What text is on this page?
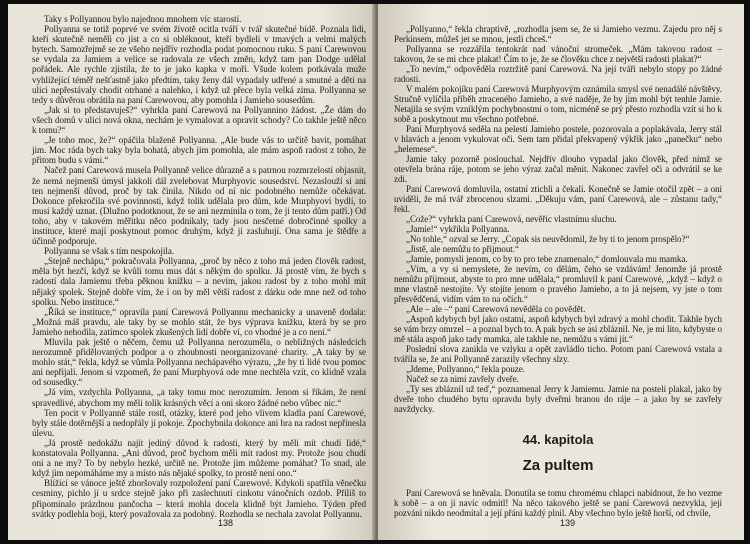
Taky s Pollyannou bylo najednou mnohem víc starostí.

Pollyanna se totiž poprvé ve svém životě ocitla tváří v tvář skutečné bídě. Poznala lidi, kteří skutečně neměli co jíst a co si obléknout, kteří bydleli v tmavých a velmi malých bytech. Samozřejmě se ze všeho nejdřív rozhodla podat pomocnou ruku. S paní Carewovou se vydala za Jamiem a velice se radovala ze všech změn, když tam pan Dodge udělal pořádek. Ale rychle zjistila, že to je jako kapka v moři. Všude kolem potkávala muže vyhlížející téměř nešťastně jako předtím, taky ženy dál vypadaly udřené a smutné a děti na ulici nepřestávaly chodit otrhané a nalehko, i když už přece byla velká zima. Pollyanna se tedy s důvěrou obrátila na paní Carewovou, aby pomohla i Jamieho sousedům.

„Jak si to představuješ?“ vyhrkla paní Carewová na Pollyannino žádost. „Že dám do všech domů v ulici nová okna, nechám je vymalovat a opravit schody? Co takhle ještě něco k tomu?“

„Je toho moc, že?“ opáčila blaženě Pollyanna. „Ale bude vás to určitě bavit, pomáhat jim. Moc ráda bych taky byla bohatá, abych jim pomohla, ale mám aspoň radost z toho, že přitom budu s vámi.“

Načež paní Carewová musela Pollyanně velice důrazně a s patrnou rozmrzelostí objasnit, že nemá nejmenší úmysl jakkoli dál zvelebovat Murphyovic sousedství. Nezaslouží si ani ten nejmenší důvod, proč by tak činila. Nikdo od ní nic podobného nemůže očekávat. Dokonce překročila své povinnosti, když tolik udělala pro dům, kde Murphyovi bydlí, to musí každý uznat. (Dlužno podotknout, že se ani nezmínila o tom, že ji tento dům patří.) Od toho, aby v takovém měřítku něco podnikaly, tady jsou nesčetné dobročinné spolky a instituce, které mají poskytnout pomoc druhým, když ji zasluhují. Ona sama je štědře a účinně podporuje.

Pollyanna se však s tím nespokojila.

„Stejně nechápu,“ pokračovala Pollyanna, „proč by něco z toho má jeden člověk radost, měla být hezčí, když se kvůli tomu mus dát s někým do spolku. Já prostě vím, že bych s radostí dala Jamiemu třeba pěknou knížku – a nevím, jakou radost by z toho mohl mít nějaký spolek. Stejně dobře vím, že i on by měl větší radost z dárku ode mne než od toho spolku. Nebo instituce.“

„Říká se instituce,“ opravila paní Carewová Pollyannu mechanicky a unaveně dodala: „Možná máš pravdu, ale taky by se mohlo stát, že bys výprava knížku, která by se pro Jamieho nehodila, zatímco spolek zkušených lidí dobře ví, co vhodné je a co není.“

Mluvila pak ještě o něčem, čemu už Pollyanna nerozuměla, o nebližných následcích nerozumně přidělovaných podpor a o zhoubnosti neorganizované charity. „A taky by se mohlo stát,“ řekla, když se vůmla Pollyanna nechápavého výrazu, „že by ti lidé tvou pomoc ani nepřijali. Jenom si vzpomeň, že paní Murphyová ode mne nechtěla vzít, co klidně vzala od sousedky.“

„Já vím, vzdychla Pollyanna, „a taky tomu moc nerozumím. Jenom si říkám, že není spravedlivé, abychom my měli tolik krásných věcí a oni skoro žádné nebo vůbec nic.“

Ten pocit v Pollyanně stále rostl, otázky, které pod jeho vlivem kladla paní Carewové, byly stále dotěrnější a nedopřály jí pokoje. Zpochybnila dokonce ani hra na radost nepřinesla úlevu.

„Já prostě nedokážu najít jediný důvod k radosti, který by měli mít chudí lidé,“ konstatovala Pollyanna. „Ani důvod, proč bychom měli mít radost my. Protože jsou chudí oni a ne my? To by nebylo hezké, určitě ne. Protože jim můžeme pomáhat? To snad, ale když jim nepomáháme my a místo nás nějaké spolky, to prostě není ono.“

Blížící se vánoce ještě zhoršovaly rozpoložení paní Carewové. Kdykoli spatřila věnečku cesminy, pichlo jí u srdce stejně jako při zaslechnutí cinkotu vánočních ozdob. Příliš to připomínalo prázdnou pančocha – která mohla docela klidně být Jamieho. Týden před svátky podlehla boji, který považovala za podobný. Rozhodla se nechala zavolat Pollyannu.

138

„Pollyanno,“ řekla chraptivě, „rozhodla jsem se, že si Jamieho vezmu. Zajedu pro něj s Perkinsem, můžeš jet se mnou, jestli chceš.“

Pollyanna se rozzářila tentokrát nad vánoční stromeček. „Mám takovou radost – takovou, že se mi chce plakat! Čím to je, že se člověku chce z největší radosti plakat?“

„To nevím,“ odpověděla roztržitě paní Carewová. Na její tváři nebylo stopy po žádné radosti.

V malém pokojíku paní Carewová Murphyovým oznámila smysl své nenadálé návštěvy. Stručně vylíčila příběh ztraceného Jamieho, a své naděje, že by jim mohl být tenhle Jamie. Netajila se svým vzniklým pochybnostmi o tom, nicméně se prý přesto rozhodla vzít si ho k sobě a poskytnout mu všechno potřebné.

Paní Murphyová seděla na pelesti Jamieho postele, pozorovala a poplakávala, Jerry stál v hlavách a jenom vykulovat oči. Sem tam přidal překvapený výkřik jako „panečku“ nebo „helemese“.

Jamie taky pozorně poslouchal. Nejdřív dlouho vypadal jako člověk, před nímž se otevřela brána ráje, potom se jeho výraz začal měnit. Nakonec zavřel oči a odvrátil se ke zdi.

Paní Carewová domluvila, ostatní ztichli a čekali. Konečně se Jamie otočil zpět – a oni uviděli, že má tvář zbrocenou slzami. „Děkuju vám, paní Carewová, ale – zůstanu tady,“ řekl.

„Cože?“ vyhrkla paní Carewová, nevěříc vlastnímu sluchu.

„Jamie!“ vykřikla Pollyanna.

„No tohle,“ ozval se Jerry. „Copak sis neuvědomil, že by ti to jenom prospělo?“

„Jistě, ale nemůžu to přijmout.“

„Jamie, pomysli jenom, co by to pro tebe znamenalo,“ domlouvala mu mamka.

„Vím, a vy si nemyslete, že nevím, co dělám, čeho se vzdávám! Jenomže já prostě nemůžu přijmout, abyste to pro mne udělala,“ promluvil k paní Carewové, „když – když o mne vlastně nestojíte. Vy stojíte jenom o pravého Jamieho, a to já nejsem, vy jste o tom přesvědčená, vidím vám to na očích.“

„Ale – ale –“ paní Carewová nevěděla co povědět.

„Aspoň kdybych byl jako ostatní, aspoň kdybych byl zdravý a mohl chodit. Takhle bych se vám brzy omrzel – a poznal bych to. A pak bych se asi zbláznil. Ne, je mi líto, kdybyste o mě stála aspoň jako tady mamka, ale takhle ne, nemůžu s vámi jít.“

Poslední slova zanikla ve vzlyku a opět zavládlo ticho. Potom paní Carewová vstala a tváříla se, že ani Pollyanně zarazily všechny slzy.

„Jdeme, Pollyanno,“ řekla pouze.

Načež se za nimi zavřely dveře.

„Ty ses zbláznil už teď,“ poznamenal Jerry k Jamiemu. Jamie na posteli plakal, jako by dveře toho chudého bytu opravdu byly dveřmi branou do ráje – a jako by se zavřely navždycky.

44. kapitola
Za pultem

Paní Carewová se hněvala. Donutila se tomu chromému chlapci nabídnout, že ho vezme k sobě – a on ji navíc odmítl! Na něco takového ještě se paní Carewová nezvykla, její pozvání nikdo neodmítal a její přání každý plnil. Aby všechno bylo ještě horší, od chvíle,

139
